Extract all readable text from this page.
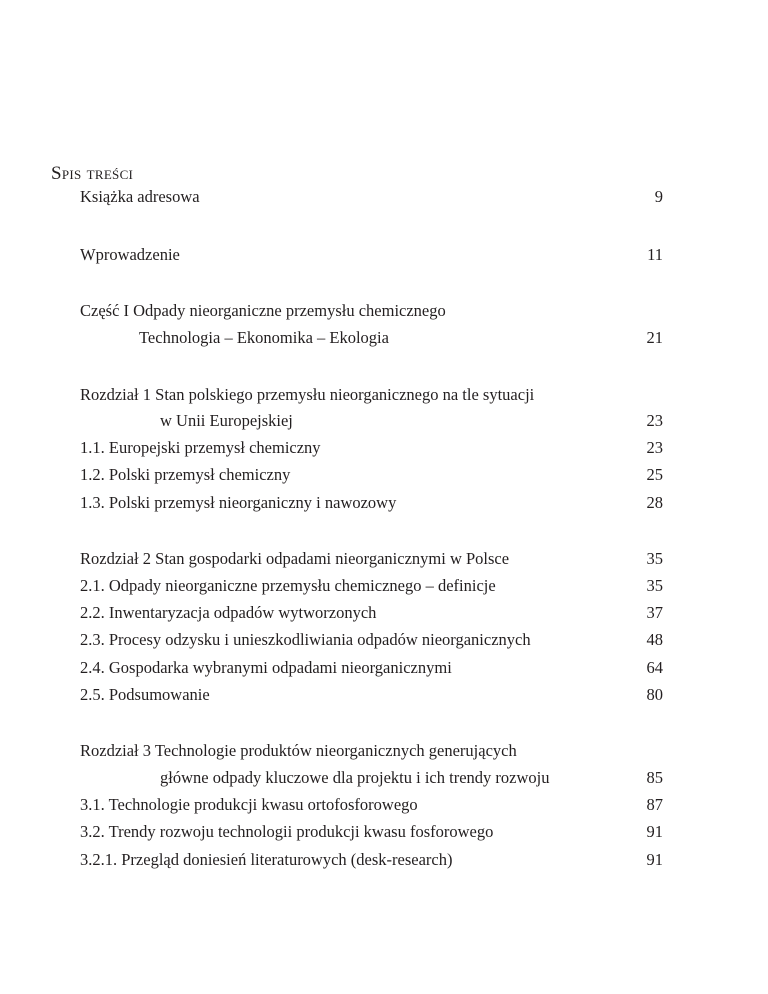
Spis treści
Książka adresowa	9
Wprowadzenie	11
Część I Odpady nieorganiczne przemysłu chemicznego
Technologia – Ekonomika – Ekologia	21
Rozdział 1 Stan polskiego przemysłu nieorganicznego na tle sytuacji
w Unii Europejskiej	23
1.1. Europejski przemysł chemiczny	23
1.2. Polski przemysł chemiczny	25
1.3. Polski przemysł nieorganiczny i nawozowy	28
Rozdział 2 Stan gospodarki odpadami nieorganicznymi w Polsce	35
2.1. Odpady nieorganiczne przemysłu chemicznego – definicje	35
2.2. Inwentaryzacja odpadów wytworzonych	37
2.3. Procesy odzysku i unieszkodliwiania odpadów nieorganicznych	48
2.4. Gospodarka wybranymi odpadami nieorganicznymi	64
2.5. Podsumowanie	80
Rozdział 3 Technologie produktów nieorganicznych generujących
główne odpady kluczowe dla projektu i ich trendy rozwoju	85
3.1. Technologie produkcji kwasu ortofosforowego	87
3.2. Trendy rozwoju technologii produkcji kwasu fosforowego	91
3.2.1. Przegląd doniesień literaturowych (desk-research)	91
